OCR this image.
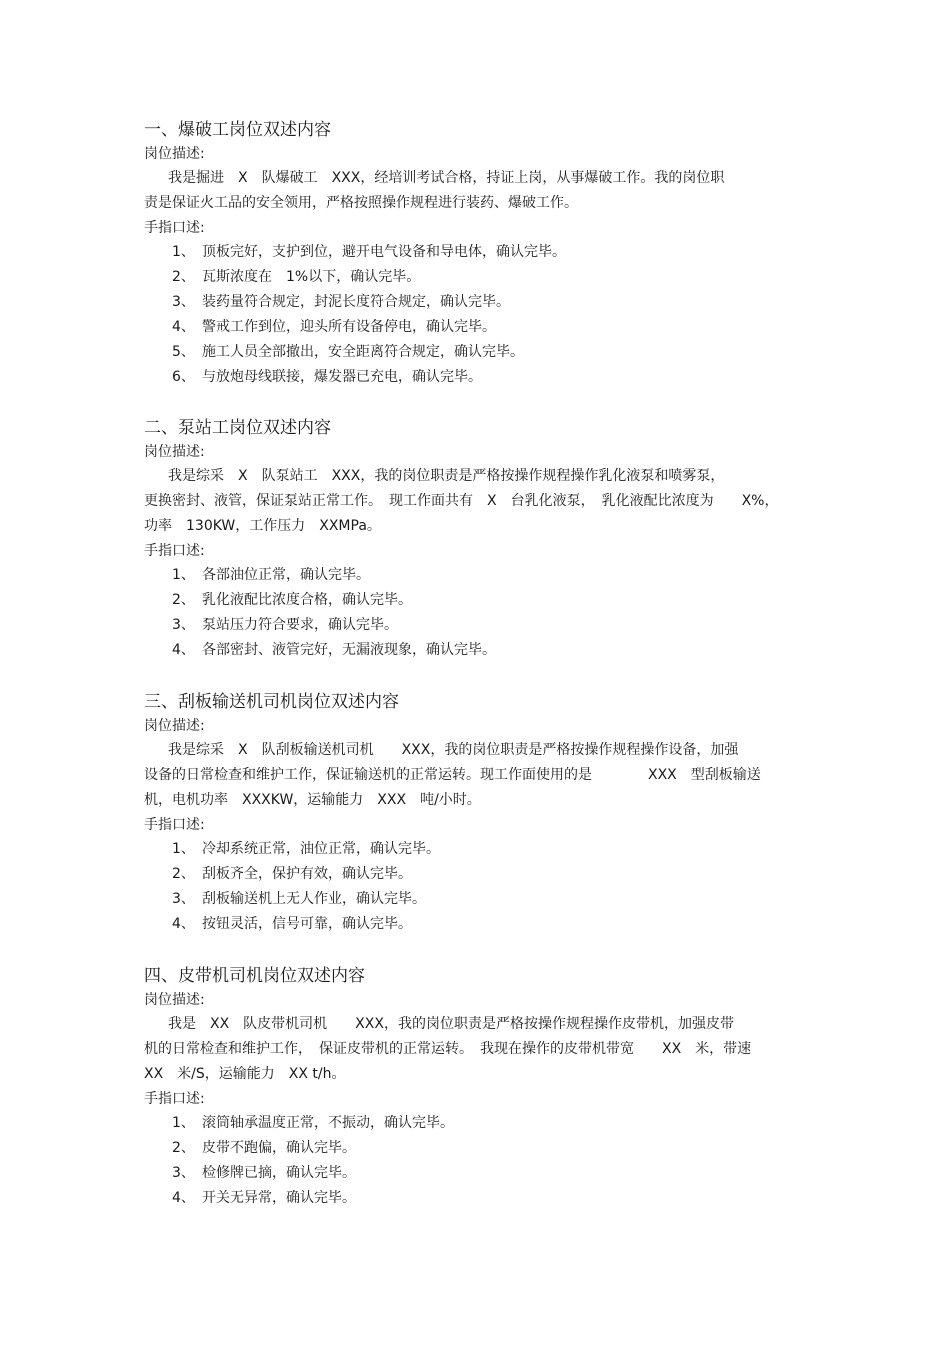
一、爆破工岗位双述内容
岗位描述:
我是掘进　X　队爆破工　XXX，经培训考试合格，持证上岗，从事爆破工作。我的岗位职
责是保证火工品的安全领用，严格按照操作规程进行装药、爆破工作。
手指口述:
1、 顶板完好，支护到位，避开电气设备和导电体，确认完毕。
2、 瓦斯浓度在　1%以下，确认完毕。
3、 装药量符合规定，封泥长度符合规定，确认完毕。
4、 警戒工作到位，迎头所有设备停电，确认完毕。
5、 施工人员全部撤出，安全距离符合规定，确认完毕。
6、 与放炮母线联接，爆发器已充电，确认完毕。
二、泵站工岗位双述内容
岗位描述:
我是综采　X　队泵站工　XXX，我的岗位职责是严格按操作规程操作乳化液泵和喷雾泵，
更换密封、液管，保证泵站正常工作。　现工作面共有　X　台乳化液泵，　乳化液配比浓度为　　X%，
功率　130KW，工作压力　XXMPa。
手指口述:
1、 各部油位正常，确认完毕。
2、 乳化液配比浓度合格，确认完毕。
3、 泵站压力符合要求，确认完毕。
4、 各部密封、液管完好，无漏液现象，确认完毕。
三、刮板输送机司机岗位双述内容
岗位描述:
我是综采　X　队刮板输送机司机　　XXX，我的岗位职责是严格按操作规程操作设备，加强
设备的日常检查和维护工作，保证输送机的正常运转。现工作面使用的是　　　　XXX　型刮板输送
机，电机功率　XXXKW，运输能力　XXX　吨/小时。
手指口述:
1、 冷却系统正常，油位正常，确认完毕。
2、 刮板齐全，保护有效，确认完毕。
3、 刮板输送机上无人作业，确认完毕。
4、 按钮灵活，信号可靠，确认完毕。
四、皮带机司机岗位双述内容
岗位描述:
我是　XX　队皮带机司机　　XXX，我的岗位职责是严格按操作规程操作皮带机，加强皮带
机的日常检查和维护工作，　保证皮带机的正常运转。　我现在操作的皮带机带宽　　XX　米，带速
XX　米/S，运输能力　XX t/h。
手指口述:
1、 滚筒轴承温度正常，不振动，确认完毕。
2、 皮带不跑偏，确认完毕。
3、 检修牌已摘，确认完毕。
4、 开关无异常，确认完毕。
